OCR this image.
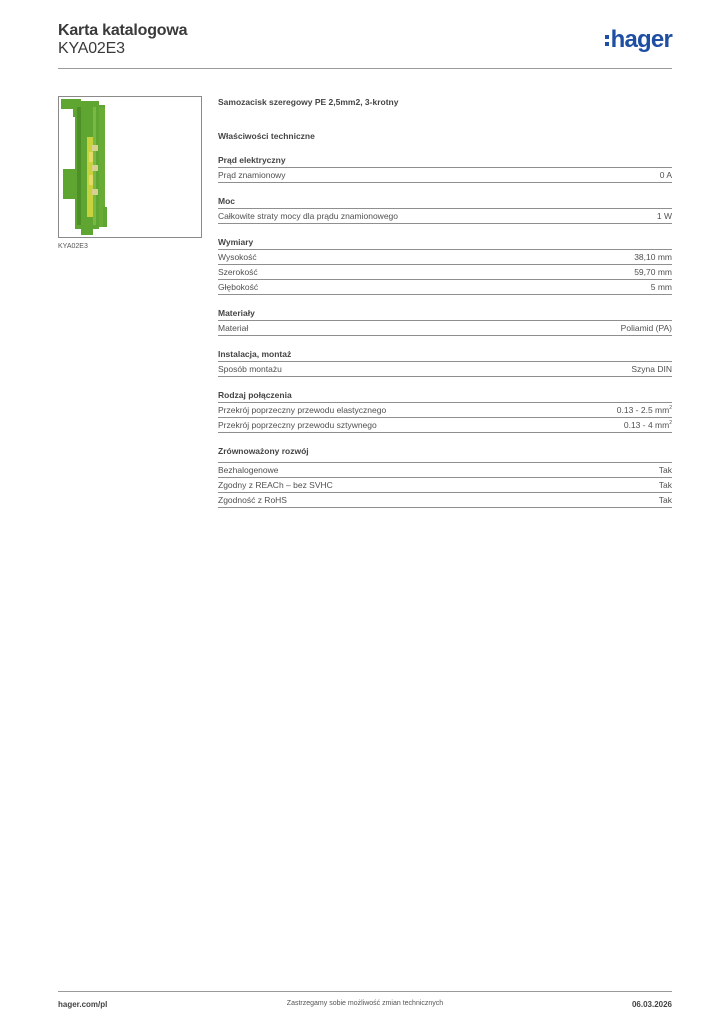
Karta katalogowa
KYA02E3	hager
KYA02E3
Samozacisk szeregowy PE 2,5mm2, 3-krotny
Właściwości techniczne
Prąd elektryczny
Prąd znamionowy	0 A
Moc
Całkowite straty mocy dla prądu znamionowego	1 W
Wymiary
Wysokość	38,10 mm
Szerokość	59,70 mm
Głębokość	5 mm
Materiały
Materiał	Poliamid (PA)
Instalacja, montaż
Sposób montażu	Szyna DIN
Rodzaj połączenia
Przekrój poprzeczny przewodu elastycznego	0.13 - 2.5 $mm^2$
Przekrój poprzeczny przewodu sztywnego	0.13 - 4 $mm^2$
Zrównoważony rozwój
Bezhalogenowe	Tak
Zgodny z REACh – bez SVHC	Tak
Zgodność z RoHS	Tak
hager.com/pl	Zastrzegamy sobie możliwość zmian technicznych	06.03.2026
